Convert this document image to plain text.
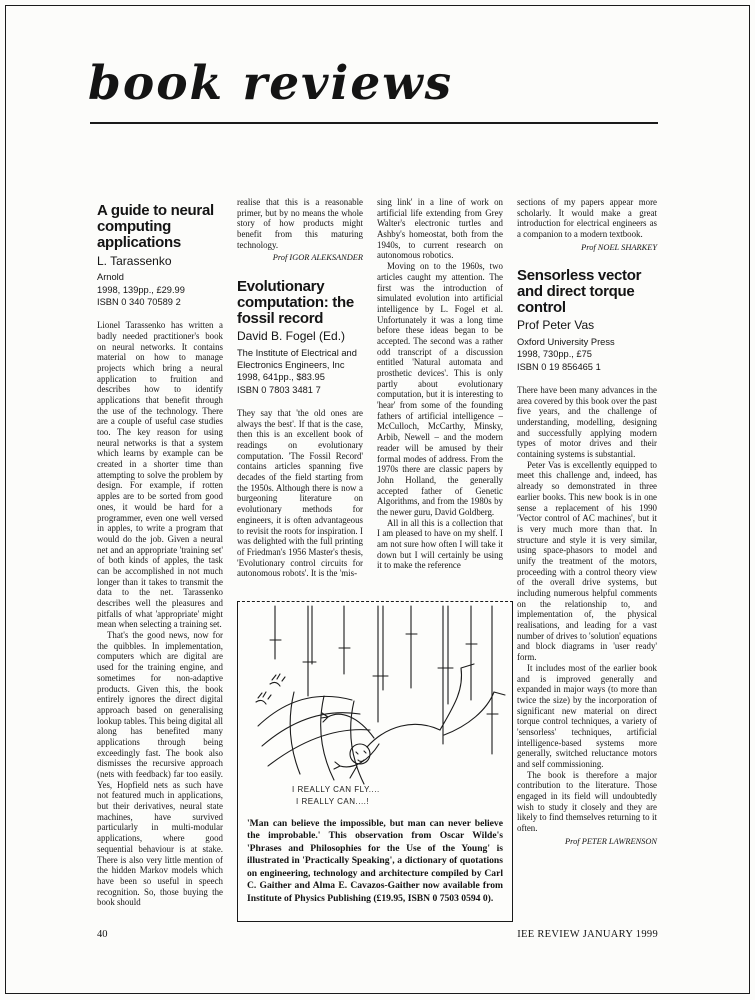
book reviews
A guide to neural computing applications
L. Tarassenko
Arnold
1998, 139pp., £29.99
ISBN 0 340 70589 2

Lionel Tarassenko has written a badly needed practitioner's book on neural networks. It contains material on how to manage projects which bring a neural application to fruition and describes how to identify applications that benefit through the use of the technology. There are a couple of useful case studies too. The key reason for using neural networks is that a system which learns by example can be created in a shorter time than attempting to solve the problem by design. For example, if rotten apples are to be sorted from good ones, it would be hard for a programmer, even one well versed in apples, to write a program that would do the job. Given a neural net and an appropriate 'training set' of both kinds of apples, the task can be accomplished in not much longer than it takes to transmit the data to the net. Tarassenko describes well the pleasures and pitfalls of what 'appropriate' might mean when selecting a training set.

That's the good news, now for the quibbles. In implementation, computers which are digital are used for the training engine, and sometimes for non-adaptive products. Given this, the book entirely ignores the direct digital approach based on generalising lookup tables. This being digital all along has benefited many applications through being exceedingly fast. The book also dismisses the recursive approach (nets with feedback) far too easily. Yes, Hopfield nets as such have not featured much in applications, but their derivatives, neural state machines, have survived particularly in multi-modular applications, where good sequential behaviour is at stake. There is also very little mention of the hidden Markov models which have been so useful in speech recognition. So, those buying the book should

realise that this is a reasonable primer, but by no means the whole story of how products might benefit from this maturing technology.

Prof IGOR ALEKSANDER
Evolutionary computation: the fossil record
David B. Fogel (Ed.)
The Institute of Electrical and Electronics Engineers, Inc
1998, 641pp., $83.95
ISBN 0 7803 3481 7

They say that 'the old ones are always the best'. If that is the case, then this is an excellent book of readings on evolutionary computation. 'The Fossil Record' contains articles spanning five decades of the field starting from the 1950s. Although there is now a burgeoning literature on evolutionary methods for engineers, it is often advantageous to revisit the roots for inspiration. I was delighted with the full printing of Friedman's 1956 Master's thesis, 'Evolutionary control circuits for autonomous robots'. It is the 'mis-

sing link' in a line of work on artificial life extending from Grey Walter's electronic turtles and Ashby's homeostat, both from the 1940s, to current research on autonomous robotics.

Moving on to the 1960s, two articles caught my attention. The first was the introduction of simulated evolution into artificial intelligence by L. Fogel et al. Unfortunately it was a long time before these ideas began to be accepted. The second was a rather odd transcript of a discussion entitled 'Natural automata and prosthetic devices'. This is only partly about evolutionary computation, but it is interesting to 'hear' from some of the founding fathers of artificial intelligence – McCulloch, McCarthy, Minsky, Arbib, Newell – and the modern reader will be amused by their formal modes of address. From the 1970s there are classic papers by John Holland, the generally accepted father of Genetic Algorithms, and from the 1980s by the newer guru, David Goldberg.

All in all this is a collection that I am pleased to have on my shelf. I am not sure how often I will take it down but I will certainly be using it to make the reference

sections of my papers appear more scholarly. It would make a great introduction for electrical engineers as a companion to a modern textbook.

Prof NOEL SHARKEY
Sensorless vector and direct torque control
Prof Peter Vas
Oxford University Press
1998, 730pp., £75
ISBN 0 19 856465 1

There have been many advances in the area covered by this book over the past five years, and the challenge of understanding, modelling, designing and successfully applying modern types of motor drives and their containing systems is substantial.

Peter Vas is excellently equipped to meet this challenge and, indeed, has already so demonstrated in three earlier books. This new book is in one sense a replacement of his 1990 'Vector control of AC machines', but it is very much more than that. In structure and style it is very similar, using space-phasors to model and unify the treatment of the motors, proceeding with a control theory view of the overall drive systems, but including numerous helpful comments on the relationship to, and implementation of, the physical realisations, and leading for a vast number of drives to 'solution' equations and block diagrams in 'user ready' form.

It includes most of the earlier book and is improved generally and expanded in major ways (to more than twice the size) by the incorporation of significant new material on direct torque control techniques, a variety of 'sensorless' techniques, artificial intelligence-based systems more generally, switched reluctance motors and self commissioning.

The book is therefore a major contribution to the literature. Those engaged in its field will undoubtedly wish to study it closely and they are likely to find themselves returning to it often.

Prof PETER LAWRENSON
I REALLY CAN FLY....
I REALLY CAN....!

'Man can believe the impossible, but man can never believe the improbable.' This observation from Oscar Wilde's 'Phrases and Philosophies for the Use of the Young' is illustrated in 'Practically Speaking', a dictionary of quotations on engineering, technology and architecture compiled by Carl C. Gaither and Alma E. Cavazos-Gaither now available from Institute of Physics Publishing (£19.95, ISBN 0 7503 0594 0).

40	IEE REVIEW JANUARY 1999
